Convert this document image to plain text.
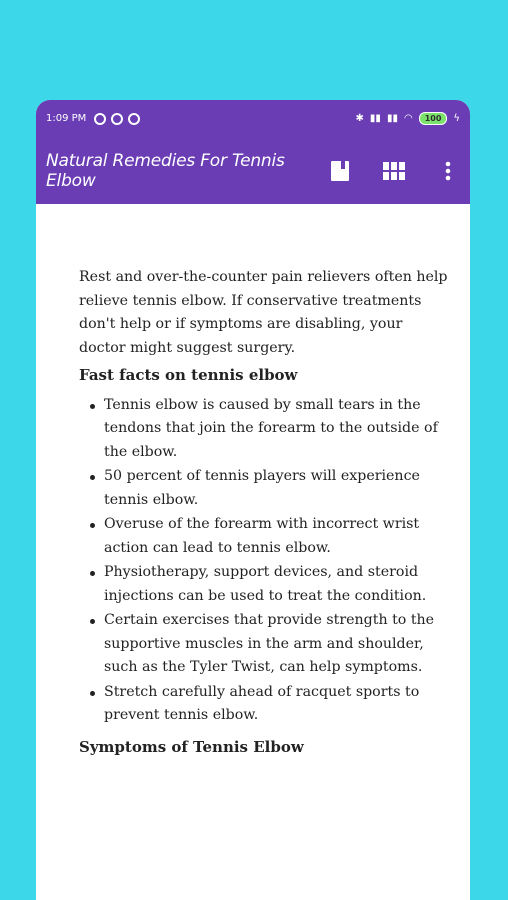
1:09 PM	✱ ▮▮ ▮▮ ◠	100	ϟ
Natural Remedies For Tennis Elbow

Rest and over-the-counter pain relievers often help relieve tennis elbow. If conservative treatments don't help or if symptoms are disabling, your doctor might suggest surgery.

Fast facts on tennis elbow
Tennis elbow is caused by small tears in the tendons that join the forearm to the outside of the elbow.
50 percent of tennis players will experience tennis elbow.
Overuse of the forearm with incorrect wrist action can lead to tennis elbow.
Physiotherapy, support devices, and steroid injections can be used to treat the condition.
Certain exercises that provide strength to the supportive muscles in the arm and shoulder, such as the Tyler Twist, can help symptoms.
Stretch carefully ahead of racquet sports to prevent tennis elbow.
Symptoms of Tennis Elbow
